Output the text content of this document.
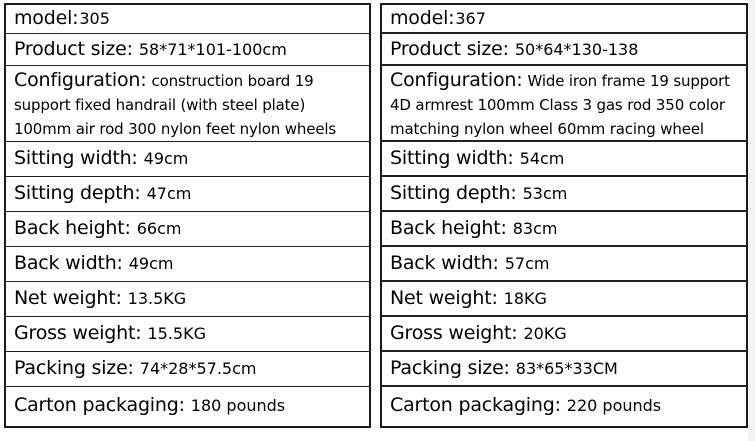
model:305
Product size: 58*71*101-100cm
Configuration: construction board 19 support fixed handrail (with steel plate) 100mm air rod 300 nylon feet nylon wheels
Sitting width: 49cm
Sitting depth: 47cm
Back height: 66cm
Back width: 49cm
Net weight: 13.5KG
Gross weight: 15.5KG
Packing size: 74*28*57.5cm
Carton packaging: 180 pounds
model:367
Product size: 50*64*130-138
Configuration: Wide iron frame 19 support 4D armrest 100mm Class 3 gas rod 350 color matching nylon wheel 60mm racing wheel
Sitting width: 54cm
Sitting depth: 53cm
Back height: 83cm
Back width: 57cm
Net weight: 18KG
Gross weight: 20KG
Packing size: 83*65*33CM
Carton packaging: 220 pounds
